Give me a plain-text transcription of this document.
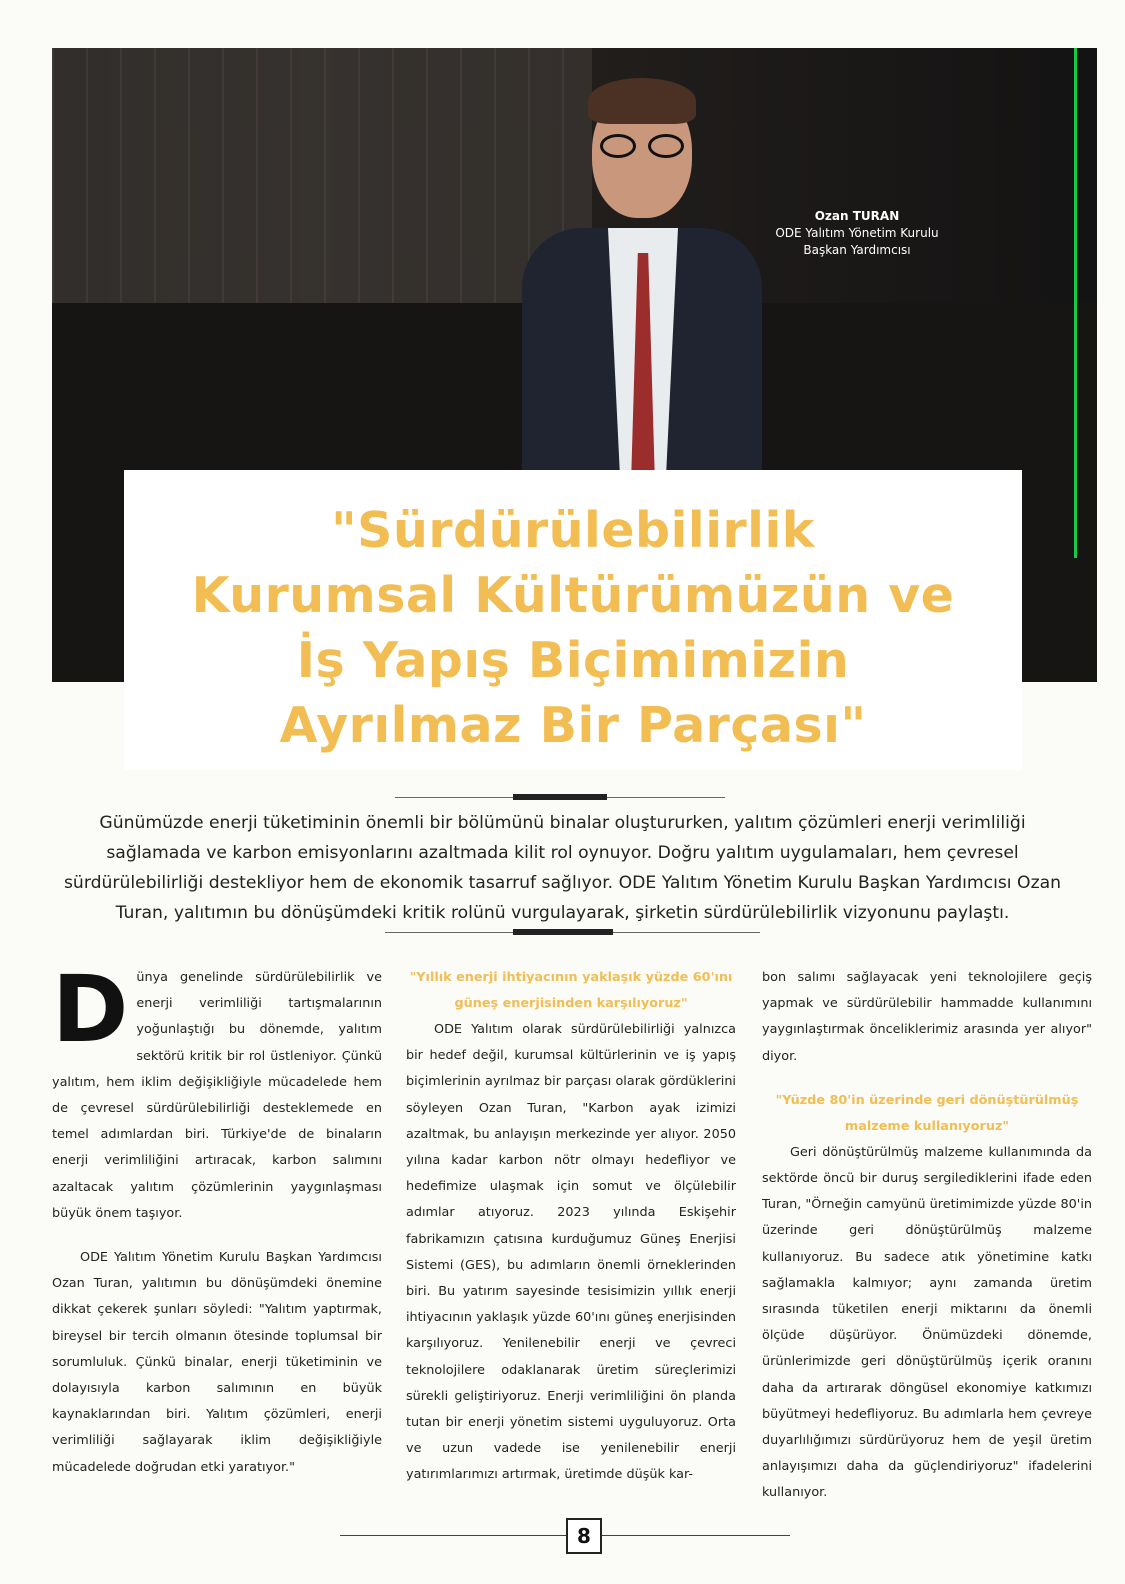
Ozan TURAN
ODE Yalıtım Yönetim Kurulu
Başkan Yardımcısı
"Sürdürülebilirlik
Kurumsal Kültürümüzün ve
İş Yapış Biçimimizin
Ayrılmaz Bir Parçası"

Günümüzde enerji tüketiminin önemli bir bölümünü binalar oluştururken, yalıtım çözümleri enerji verimliliği sağlamada ve karbon emisyonlarını azaltmada kilit rol oynuyor. Doğru yalıtım uygulamaları, hem çevresel sürdürülebilirliği destekliyor hem de ekonomik tasarruf sağlıyor. ODE Yalıtım Yönetim Kurulu Başkan Yardımcısı Ozan Turan, yalıtımın bu dönüşümdeki kritik rolünü vurgulayarak, şirketin sürdürülebilirlik vizyonunu paylaştı.

Dünya genelinde sürdürülebilirlik ve enerji verimliliği tartışmalarının yoğunlaştığı bu dönemde, yalıtım sektörü kritik bir rol üstleniyor. Çünkü yalıtım, hem iklim değişikliğiyle mücadelede hem de çevresel sürdürülebilirliği desteklemede en temel adımlardan biri. Türkiye'de de binaların enerji verimliliğini artıracak, karbon salımını azaltacak yalıtım çözümlerinin yaygınlaşması büyük önem taşıyor.

ODE Yalıtım Yönetim Kurulu Başkan Yardımcısı Ozan Turan, yalıtımın bu dönüşümdeki önemine dikkat çekerek şunları söyledi: "Yalıtım yaptırmak, bireysel bir tercih olmanın ötesinde toplumsal bir sorumluluk. Çünkü binalar, enerji tüketiminin ve dolayısıyla karbon salımının en büyük kaynaklarından biri. Yalıtım çözümleri, enerji verimliliği sağlayarak iklim değişikliğiyle mücadelede doğrudan etki yaratıyor."

"Yıllık enerji ihtiyacının yaklaşık yüzde 60'ını güneş enerjisinden karşılıyoruz"

ODE Yalıtım olarak sürdürülebilirliği yalnızca bir hedef değil, kurumsal kültürlerinin ve iş yapış biçimlerinin ayrılmaz bir parçası olarak gördüklerini söyleyen Ozan Turan, "Karbon ayak izimizi azaltmak, bu anlayışın merkezinde yer alıyor. 2050 yılına kadar karbon nötr olmayı hedefliyor ve hedefimize ulaşmak için somut ve ölçülebilir adımlar atıyoruz. 2023 yılında Eskişehir fabrikamızın çatısına kurduğumuz Güneş Enerjisi Sistemi (GES), bu adımların önemli örneklerinden biri. Bu yatırım sayesinde tesisimizin yıllık enerji ihtiyacının yaklaşık yüzde 60'ını güneş enerjisinden karşılıyoruz. Yenilenebilir enerji ve çevreci teknolojilere odaklanarak üretim süreçlerimizi sürekli geliştiriyoruz. Enerji verimliliğini ön planda tutan bir enerji yönetim sistemi uyguluyoruz. Orta ve uzun vadede ise yenilenebilir enerji yatırımlarımızı artırmak, üretimde düşük kar-

bon salımı sağlayacak yeni teknolojilere geçiş yapmak ve sürdürülebilir hammadde kullanımını yaygınlaştırmak önceliklerimiz arasında yer alıyor" diyor.

"Yüzde 80'in üzerinde geri dönüştürülmüş malzeme kullanıyoruz"

Geri dönüştürülmüş malzeme kullanımında da sektörde öncü bir duruş sergilediklerini ifade eden Turan, "Örneğin camyünü üretimimizde yüzde 80'in üzerinde geri dönüştürülmüş malzeme kullanıyoruz. Bu sadece atık yönetimine katkı sağlamakla kalmıyor; aynı zamanda üretim sırasında tüketilen enerji miktarını da önemli ölçüde düşürüyor. Önümüzdeki dönemde, ürünlerimizde geri dönüştürülmüş içerik oranını daha da artırarak döngüsel ekonomiye katkımızı büyütmeyi hedefliyoruz. Bu adımlarla hem çevreye duyarlılığımızı sürdürüyoruz hem de yeşil üretim anlayışımızı daha da güçlendiriyoruz" ifadelerini kullanıyor.

8
